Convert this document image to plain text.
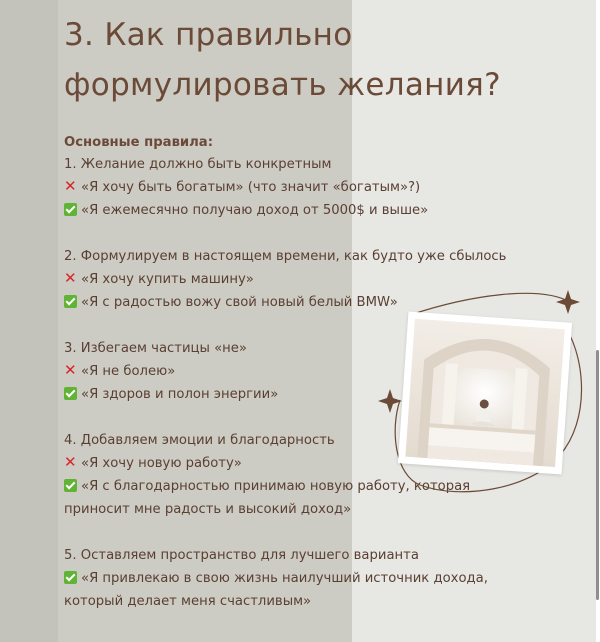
3. Как правильно формулировать желания?
Основные правила:
1. Желание должно быть конкретным
✕ «Я хочу быть богатым» (что значит «богатым»?)
«Я ежемесячно получаю доход от 5000$ и выше»
2. Формулируем в настоящем времени, как будто уже сбылось
✕ «Я хочу купить машину»
«Я с радостью вожу свой новый белый BMW»
3. Избегаем частицы «не»
✕ «Я не болею»
«Я здоров и полон энергии»
4. Добавляем эмоции и благодарность
✕ «Я хочу новую работу»
«Я с благодарностью принимаю новую работу, которая приносит мне радость и высокий доход»
5. Оставляем пространство для лучшего варианта
«Я привлекаю в свою жизнь наилучший источник дохода, который делает меня счастливым»
